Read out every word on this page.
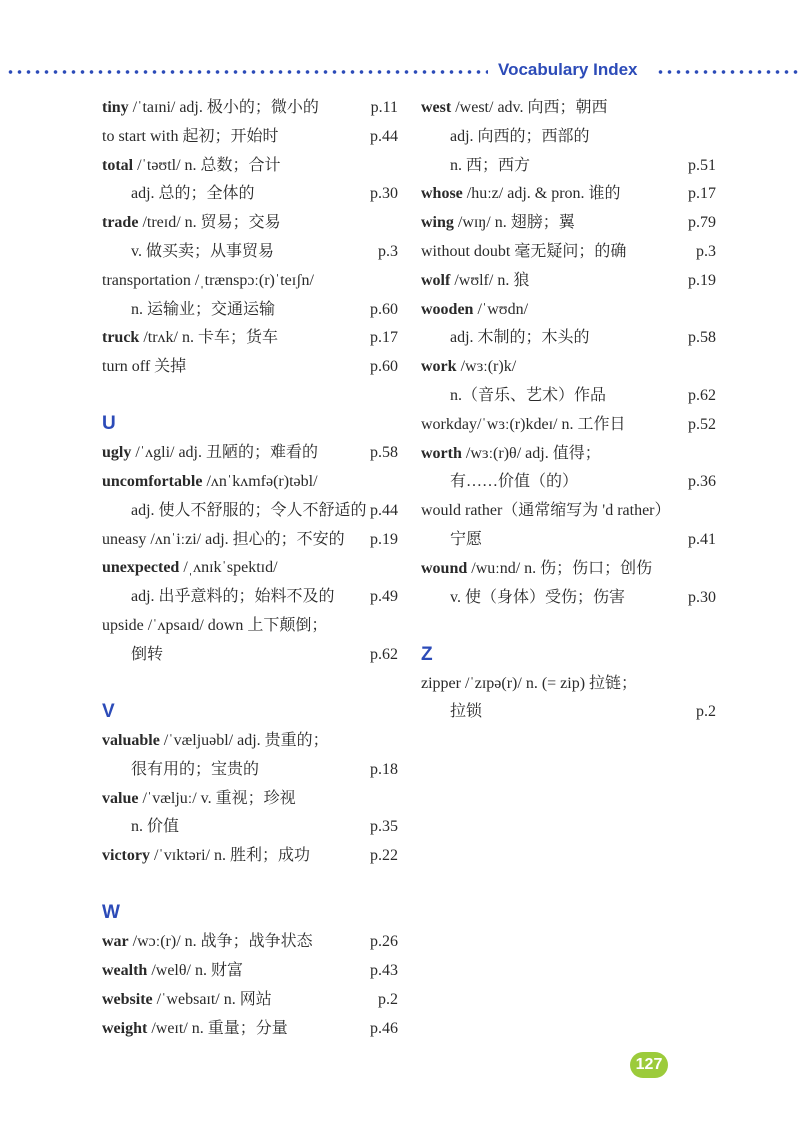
Vocabulary Index
tiny /ˈtaɪni/ adj. 极小的；微小的	p.11
to start with 起初；开始时	p.44
total /ˈtəʊtl/ n. 总数；合计
adj. 总的；全体的	p.30
trade /treɪd/ n. 贸易；交易
v. 做买卖；从事贸易	p.3
transportation /ˌtrænspɔː(r)ˈteɪʃn/
n. 运输业；交通运输	p.60
truck /trʌk/ n. 卡车；货车	p.17
turn off 关掉	p.60
U
ugly /ˈʌgli/ adj. 丑陋的；难看的	p.58
uncomfortable /ʌnˈkʌmfə(r)təbl/
adj. 使人不舒服的；令人不舒适的 p.44
uneasy /ʌnˈiːzi/ adj. 担心的；不安的 p.19
unexpected /ˌʌnɪkˈspektɪd/
adj. 出乎意料的；始料不及的 p.49
upside /ˈʌpsaɪd/ down 上下颠倒；
倒转	p.62
V
valuable /ˈvæljuəbl/ adj. 贵重的；
很有用的；宝贵的	p.18
value /ˈvæljuː/ v. 重视；珍视
n. 价值	p.35
victory /ˈvɪktəri/ n. 胜利；成功	p.22
W
war /wɔː(r)/ n. 战争；战争状态	p.26
wealth /welθ/ n. 财富	p.43
website /ˈwebsaɪt/ n. 网站	p.2
weight /weɪt/ n. 重量；分量	p.46
west /west/ adv. 向西；朝西
adj. 向西的；西部的
n. 西；西方	p.51
whose /huːz/ adj. & pron. 谁的	p.17
wing /wɪŋ/ n. 翅膀；翼	p.79
without doubt 毫无疑问；的确	p.3
wolf /wʊlf/ n. 狼	p.19
wooden /ˈwʊdn/
adj. 木制的；木头的	p.58
work /wɜː(r)k/
n.（音乐、艺术）作品	p.62
workday/ˈwɜː(r)kdeɪ/ n. 工作日	p.52
worth /wɜː(r)θ/ adj. 值得；
有……价值（的）	p.36
would rather（通常缩写为 'd rather）
宁愿	p.41
wound /wuːnd/ n. 伤；伤口；创伤
v. 使（身体）受伤；伤害	p.30
Z
zipper /ˈzɪpə(r)/ n. (= zip) 拉链；
拉锁	p.2
127
